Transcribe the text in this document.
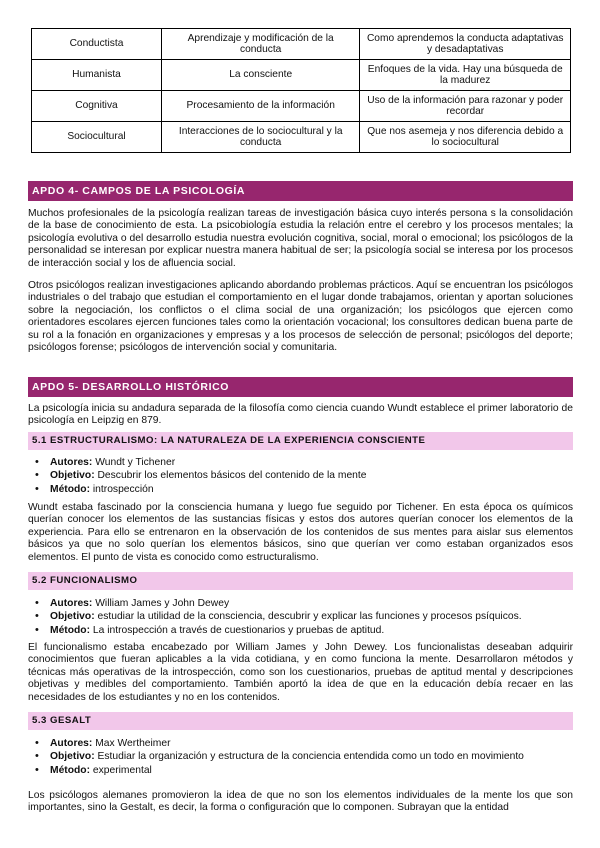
Conductista	Aprendizaje y modificación de la conducta	Como aprendemos la conducta adaptativas y desadaptativas
Humanista	La consciente	Enfoques de la vida. Hay una búsqueda de la madurez
Cognitiva	Procesamiento de la información	Uso de la información para razonar y poder recordar
Sociocultural	Interacciones de lo sociocultural y la conducta	Que nos asemeja y nos diferencia debido a lo sociocultural
APDO 4- CAMPOS DE LA PSICOLOGÍA

Muchos profesionales de la psicología realizan tareas de investigación básica cuyo interés persona s la consolidación de la base de conocimiento de esta. La psicobiología estudia la relación entre el cerebro y los procesos mentales; la psicología evolutiva o del desarrollo estudia nuestra evolución cognitiva, social, moral o emocional; los psicólogos de la personalidad se interesan por explicar nuestra manera habitual de ser; la psicología social se interesa por los procesos de interacción social y los de afluencia social.

Otros psicólogos realizan investigaciones aplicando abordando problemas prácticos. Aquí se encuentran los psicólogos industriales o del trabajo que estudian el comportamiento en el lugar donde trabajamos, orientan y aportan soluciones sobre la negociación, los conflictos o el clima social de una organización; los psicólogos que ejercen como orientadores escolares ejercen funciones tales como la orientación vocacional; los consultores dedican buena parte de su rol a la fonación en organizaciones y empresas y a los procesos de selección de personal; psicólogos del deporte; psicólogos forense; psicólogos de intervención social y comunitaria.

APDO 5- DESARROLLO HISTÓRICO

La psicología inicia su andadura separada de la filosofía como ciencia cuando Wundt establece el primer laboratorio de psicología en Leipzig en 879.

5.1 ESTRUCTURALISMO: LA NATURALEZA DE LA EXPERIENCIA CONSCIENTE
• Autores: Wundt y Tichener
• Objetivo: Descubrir los elementos básicos del contenido de la mente
• Método: introspección

Wundt estaba fascinado por la consciencia humana y luego fue seguido por Tichener. En esta época os químicos querían conocer los elementos de las sustancias físicas y estos dos autores querían conocer los elementos de la experiencia. Para ello se entrenaron en la observación de los contenidos de sus mentes para aislar sus elementos básicos ya que no solo querían los elementos básicos, sino que querían ver como estaban organizados esos elementos. El punto de vista es conocido como estructuralismo.

5.2 FUNCIONALISMO
• Autores: William James y John Dewey
• Objetivo: estudiar la utilidad de la consciencia, descubrir y explicar las funciones y procesos psíquicos.
• Método: La introspección a través de cuestionarios y pruebas de aptitud.

El funcionalismo estaba encabezado por William James y John Dewey. Los funcionalistas deseaban adquirir conocimientos que fueran aplicables a la vida cotidiana, y en como funciona la mente. Desarrollaron métodos y técnicas más operativas de la introspección, como son los cuestionarios, pruebas de aptitud mental y descripciones objetivas y medibles del comportamiento. También aportó la idea de que en la educación debía recaer en las necesidades de los estudiantes y no en los contenidos.

5.3 GESALT
• Autores: Max Wertheimer
• Objetivo: Estudiar la organización y estructura de la conciencia entendida como un todo en movimiento
• Método: experimental

Los psicólogos alemanes promovieron la idea de que no son los elementos individuales de la mente los que son importantes, sino la Gestalt, es decir, la forma o configuración que lo componen. Subrayan que la entidad
